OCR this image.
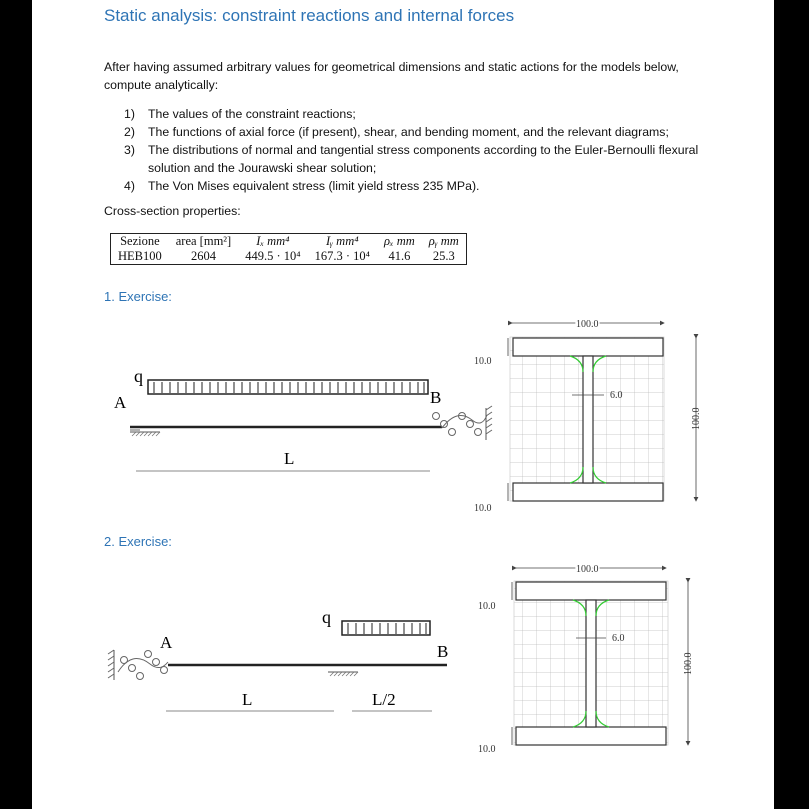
Static analysis: constraint reactions and internal forces

After having assumed arbitrary values for geometrical dimensions and static actions for the models below, compute analytically:

1) The values of the constraint reactions;
2) The functions of axial force (if present), shear, and bending moment, and the relevant diagrams;
3) The distributions of normal and tangential stress components according to the Euler-Bernoulli flexural solution and the Jourawski shear solution;
4) The Von Mises equivalent stress (limit yield stress 235 MPa).

Cross-section properties:

Sezione	area [mm²]	Iₓ mm⁴	Iᵧ mm⁴	ρₓ mm	ρᵧ mm
HEB100	2604	449.5 · 10⁴	167.3 · 10⁴	41.6	25.3

1. Exercise:

2. Exercise:

A
q
B
L
100.0
100.0
6.0
10.0
10.0
A
q
B
L	L/2
100.0
100.0
6.0
10.0
10.0
